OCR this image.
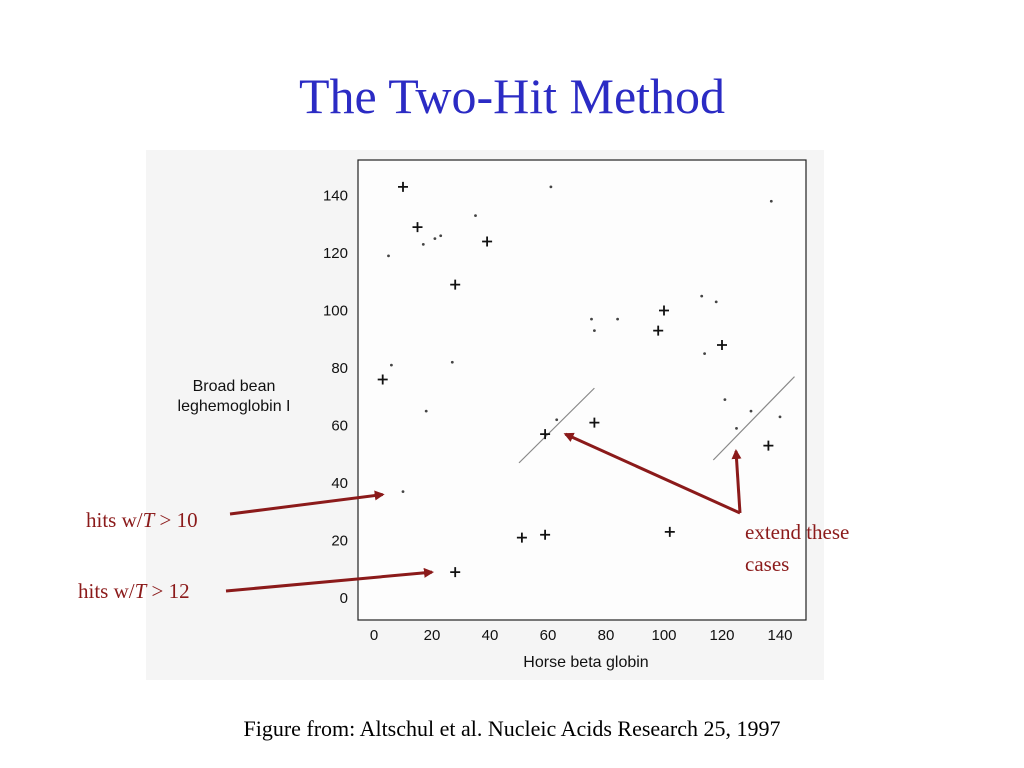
The Two-Hit Method
Broad bean
leghemoglobin I
0	20	40	60	80 100 120 140
0
20
40
60
80
100
120
140
Horse beta globin
hits w/T > 10
hits w/T > 12
extend these
cases
Figure from: Altschul et al. Nucleic Acids Research 25, 1997
